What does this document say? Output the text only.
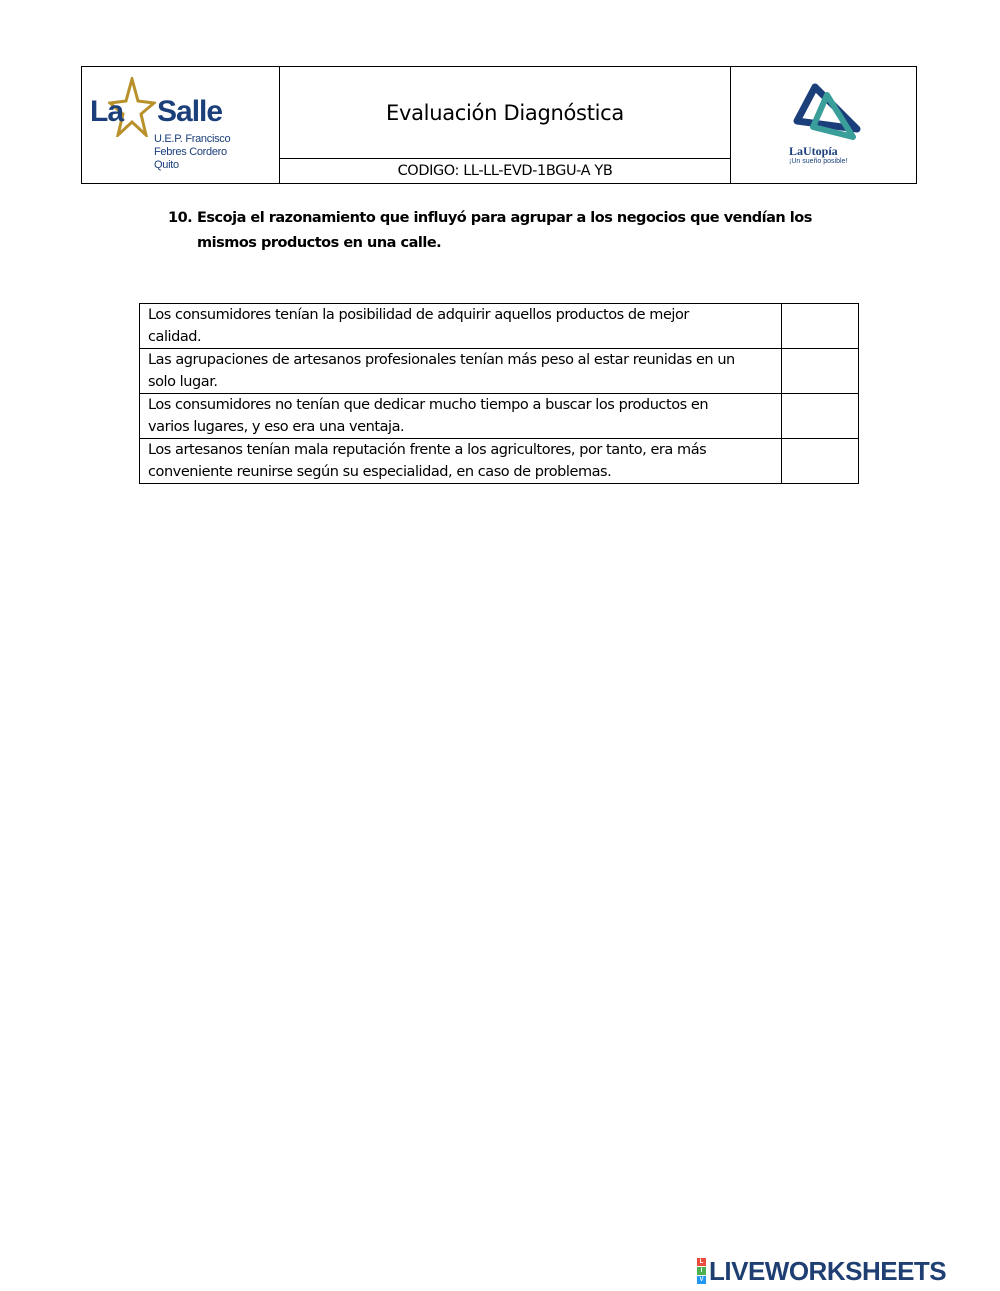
La Salle
U.E.P. Francisco
Febres Cordero
Quito
Evaluación Diagnóstica
CODIGO: LL-LL-EVD-1BGU-A YB
LaUtopía
¡Un sueño posible!
10. Escoja el razonamiento que influyó para agrupar a los negocios que vendían los mismos productos en una calle.
Los consumidores tenían la posibilidad de adquirir aquellos productos de mejor
calidad.	

Las agrupaciones de artesanos profesionales tenían más peso al estar reunidas en un
solo lugar.	

Los consumidores no tenían que dedicar mucho tiempo a buscar los productos en
varios lugares, y eso era una ventaja.	

Los artesanos tenían mala reputación frente a los agricultores, por tanto, era más
conveniente reunirse según su especialidad, en caso de problemas.	

L
I
V LIVEWORKSHEETS
